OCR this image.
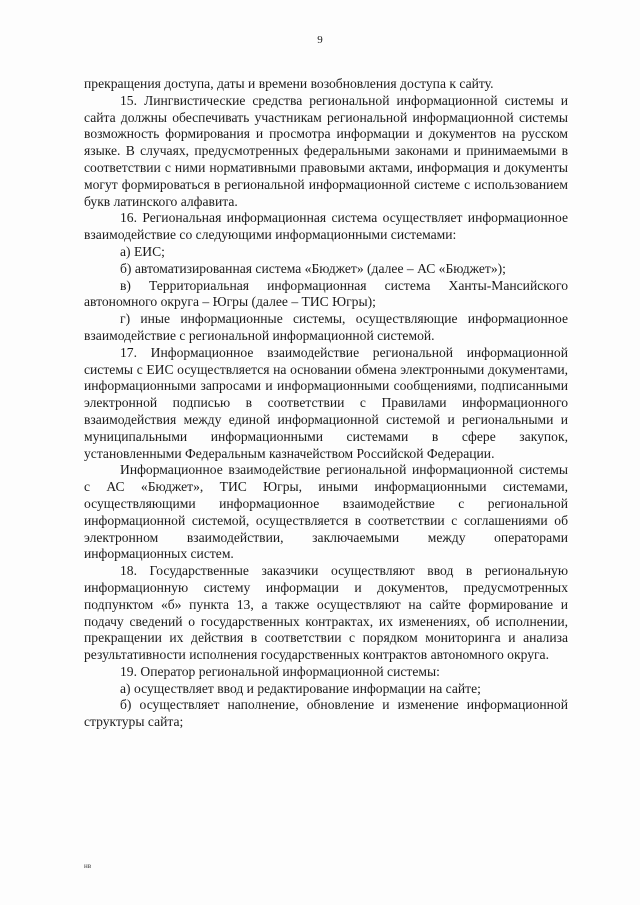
9

прекращения доступа, даты и времени возобновления доступа к сайту.

15. Лингвистические средства региональной информационной системы и сайта должны обеспечивать участникам региональной информационной системы возможность формирования и просмотра информации и документов на русском языке. В случаях, предусмотренных федеральными законами и принимаемыми в соответствии с ними нормативными правовыми актами, информация и документы могут формироваться в региональной информационной системе с использованием букв латинского алфавита.

16. Региональная информационная система осуществляет информационное взаимодействие со следующими информационными системами:

а) ЕИС;

б) автоматизированная система «Бюджет» (далее – АС «Бюджет»);

в) Территориальная информационная система Ханты-Мансийского автономного округа – Югры (далее – ТИС Югры);

г) иные информационные системы, осуществляющие информационное взаимодействие с региональной информационной системой.

17. Информационное взаимодействие региональной информационной системы с ЕИС осуществляется на основании обмена электронными документами, информационными запросами и информационными сообщениями, подписанными электронной подписью в соответствии с Правилами информационного взаимодействия между единой информационной системой и региональными и муниципальными информационными системами в сфере закупок, установленными Федеральным казначейством Российской Федерации.

Информационное взаимодействие региональной информационной системы с АС «Бюджет», ТИС Югры, иными информационными системами, осуществляющими информационное взаимодействие с региональной информационной системой, осуществляется в соответствии с соглашениями об электронном взаимодействии, заключаемыми между операторами информационных систем.

18. Государственные заказчики осуществляют ввод в региональную информационную систему информации и документов, предусмотренных подпунктом «б» пункта 13, а также осуществляют на сайте формирование и подачу сведений о государственных контрактах, их изменениях, об исполнении, прекращении их действия в соответствии с порядком мониторинга и анализа результативности исполнения государственных контрактов автономного округа.

19. Оператор региональной информационной системы:

а) осуществляет ввод и редактирование информации на сайте;

б) осуществляет наполнение, обновление и изменение информационной структуры сайта;

нв
